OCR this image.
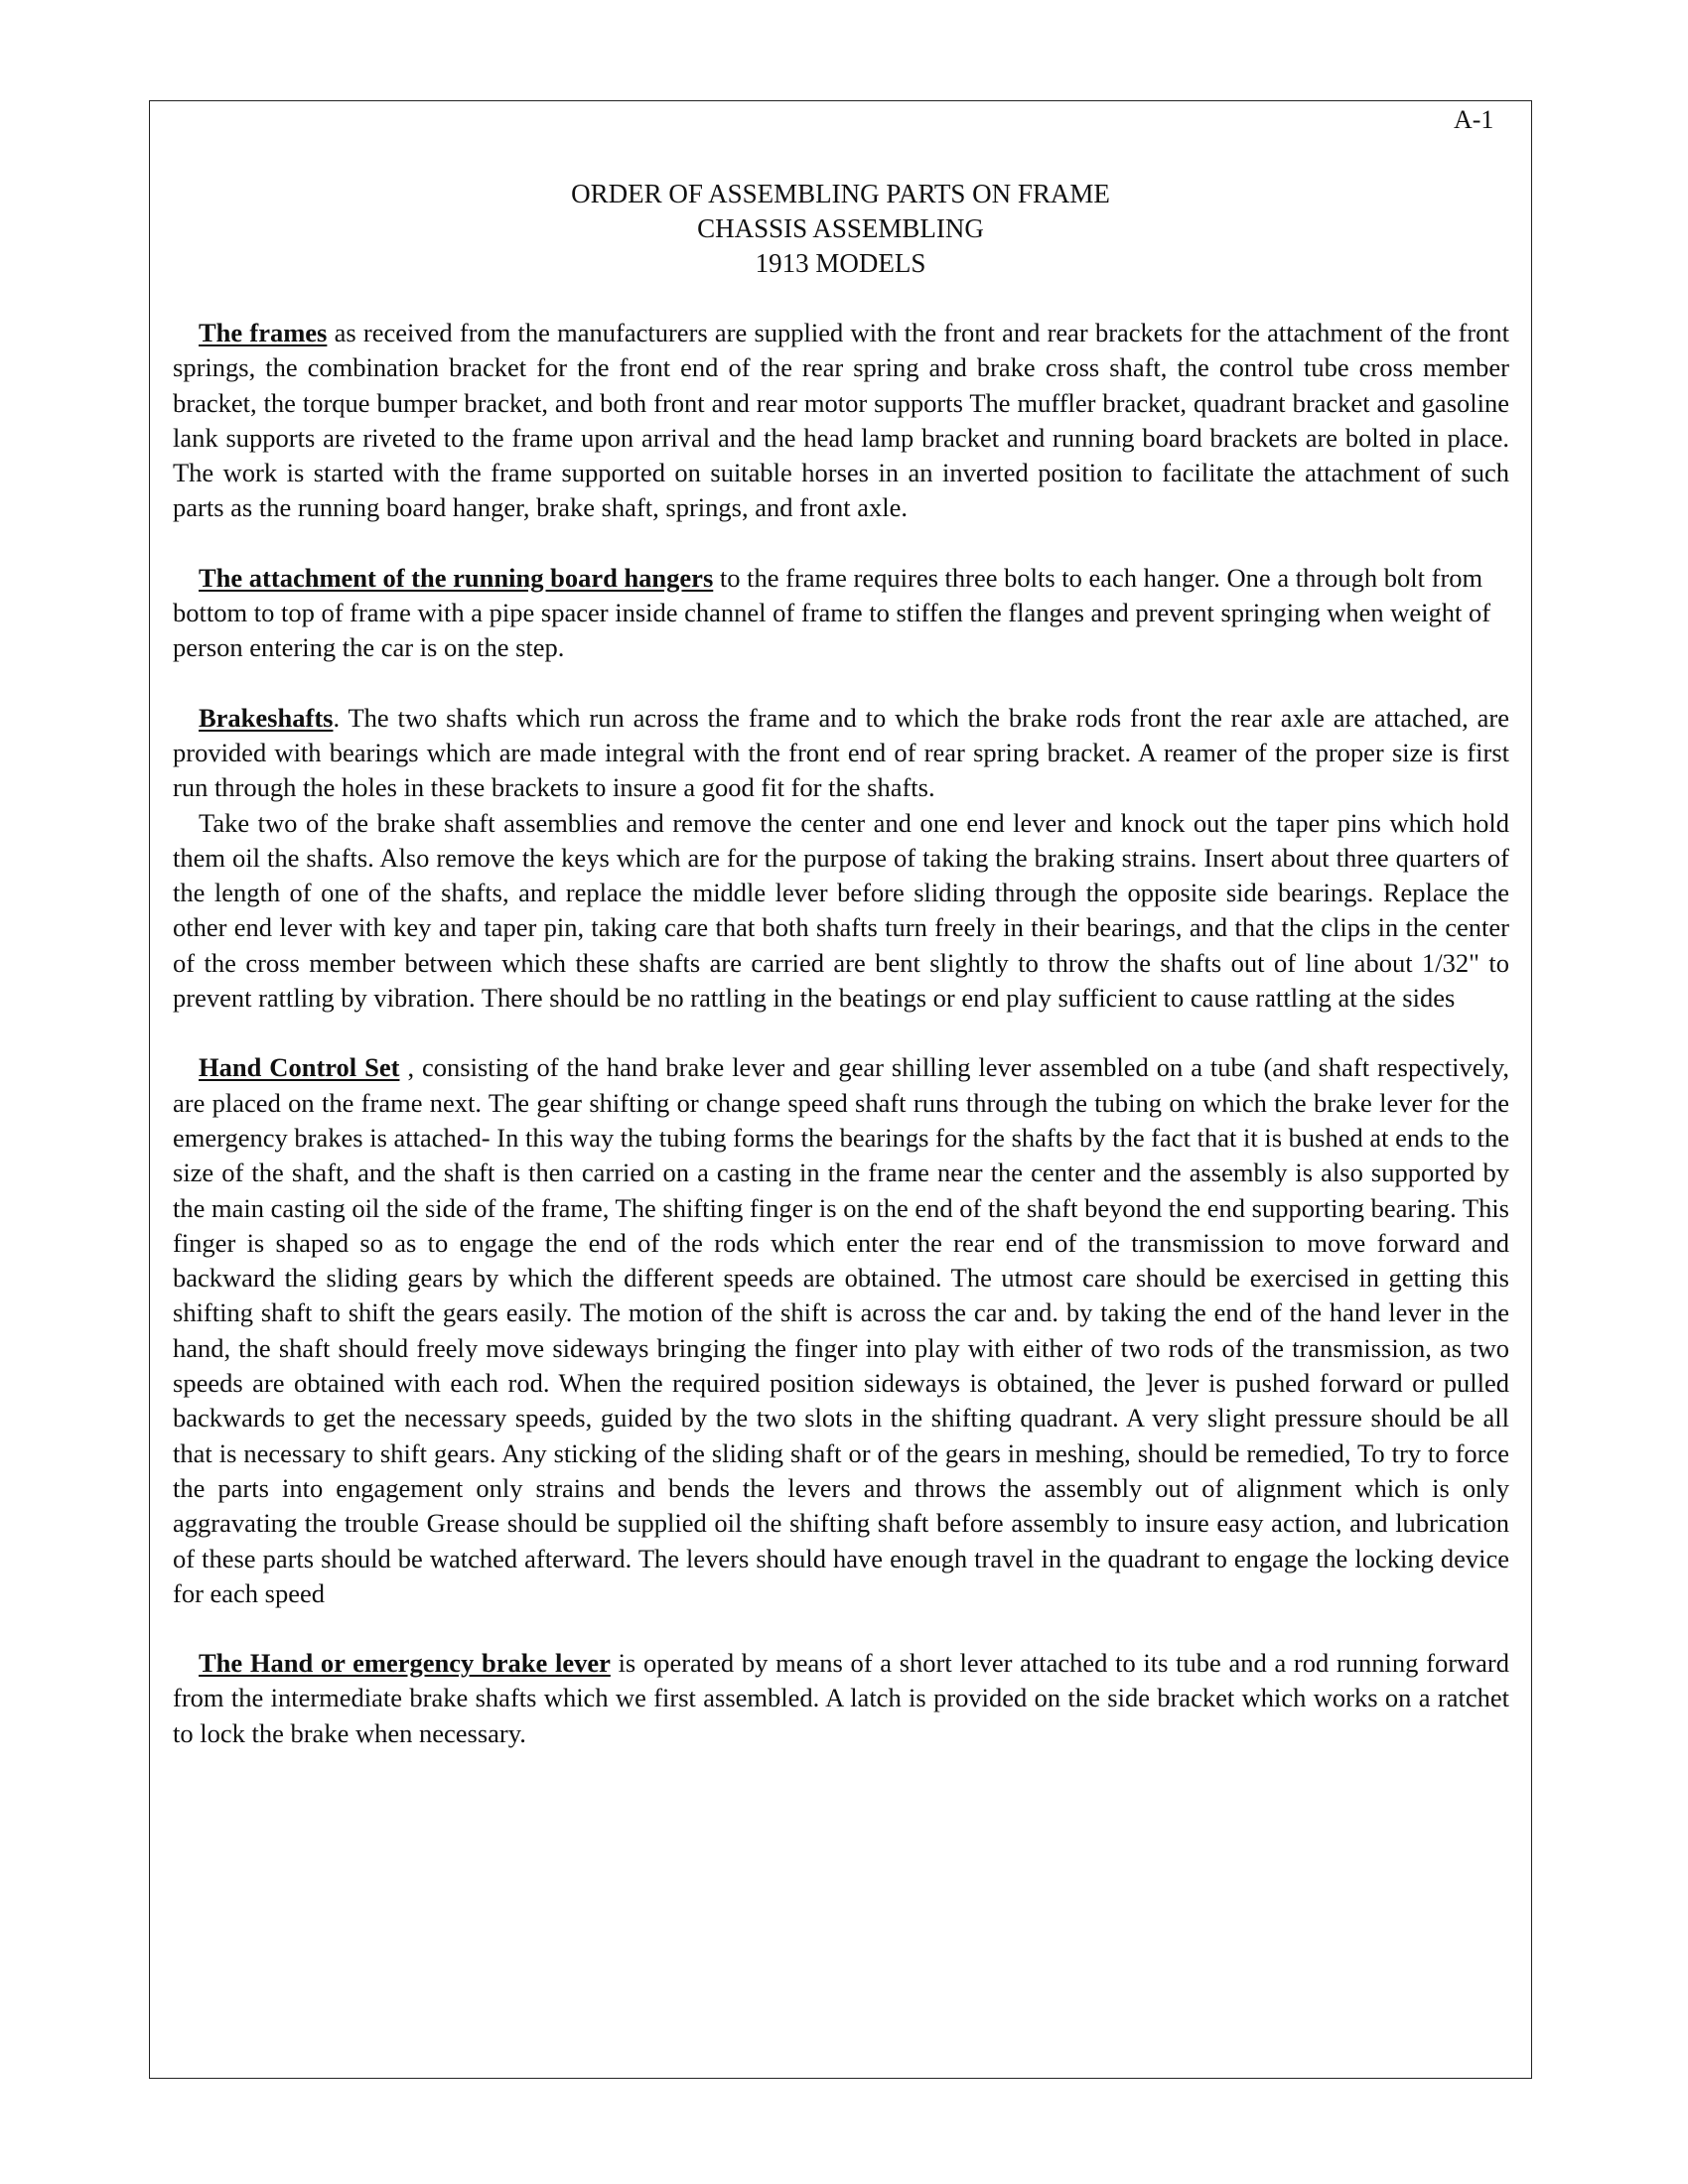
A-1
ORDER OF ASSEMBLING PARTS ON FRAME
CHASSIS ASSEMBLING
1913 MODELS

The frames as received from the manufacturers are supplied with the front and rear brackets for the attachment of the front springs, the combination bracket for the front end of the rear spring and brake cross shaft, the control tube cross member bracket, the torque bumper bracket, and both front and rear motor supports The muffler bracket, quadrant bracket and gasoline lank supports are riveted to the frame upon arrival and the head lamp bracket and running board brackets are bolted in place. The work is started with the frame supported on suitable horses in an inverted position to facilitate the attachment of such parts as the running board hanger, brake shaft, springs, and front axle.

The attachment of the running board hangers to the frame requires three bolts to each hanger. One a through bolt from bottom to top of frame with a pipe spacer inside channel of frame to stiffen the flanges and prevent springing when weight of person entering the car is on the step.

Brakeshafts. The two shafts which run across the frame and to which the brake rods front the rear axle are attached, are provided with bearings which are made integral with the front end of rear spring bracket. A reamer of the proper size is first run through the holes in these brackets to insure a good fit for the shafts.

Take two of the brake shaft assemblies and remove the center and one end lever and knock out the taper pins which hold them oil the shafts. Also remove the keys which are for the purpose of taking the braking strains. Insert about three quarters of the length of one of the shafts, and replace the middle lever before sliding through the opposite side bearings. Replace the other end lever with key and taper pin, taking care that both shafts turn freely in their bearings, and that the clips in the center of the cross member between which these shafts are carried are bent slightly to throw the shafts out of line about 1/32" to prevent rattling by vibration. There should be no rattling in the beatings or end play sufficient to cause rattling at the sides

Hand Control Set , consisting of the hand brake lever and gear shilling lever assembled on a tube (and shaft respectively, are placed on the frame next. The gear shifting or change speed shaft runs through the tubing on which the brake lever for the emergency brakes is attached- In this way the tubing forms the bearings for the shafts by the fact that it is bushed at ends to the size of the shaft, and the shaft is then carried on a casting in the frame near the center and the assembly is also supported by the main casting oil the side of the frame, The shifting finger is on the end of the shaft beyond the end supporting bearing. This finger is shaped so as to engage the end of the rods which enter the rear end of the transmission to move forward and backward the sliding gears by which the different speeds are obtained. The utmost care should be exercised in getting this shifting shaft to shift the gears easily. The motion of the shift is across the car and. by taking the end of the hand lever in the hand, the shaft should freely move sideways bringing the finger into play with either of two rods of the transmission, as two speeds are obtained with each rod. When the required position sideways is obtained, the ]ever is pushed forward or pulled backwards to get the necessary speeds, guided by the two slots in the shifting quadrant. A very slight pressure should be all that is necessary to shift gears. Any sticking of the sliding shaft or of the gears in meshing, should be remedied, To try to force the parts into engagement only strains and bends the levers and throws the assembly out of alignment which is only aggravating the trouble Grease should be supplied oil the shifting shaft before assembly to insure easy action, and lubrication of these parts should be watched afterward. The levers should have enough travel in the quadrant to engage the locking device for each speed

The Hand or emergency brake lever is operated by means of a short lever attached to its tube and a rod running forward from the intermediate brake shafts which we first assembled. A latch is provided on the side bracket which works on a ratchet to lock the brake when necessary.
